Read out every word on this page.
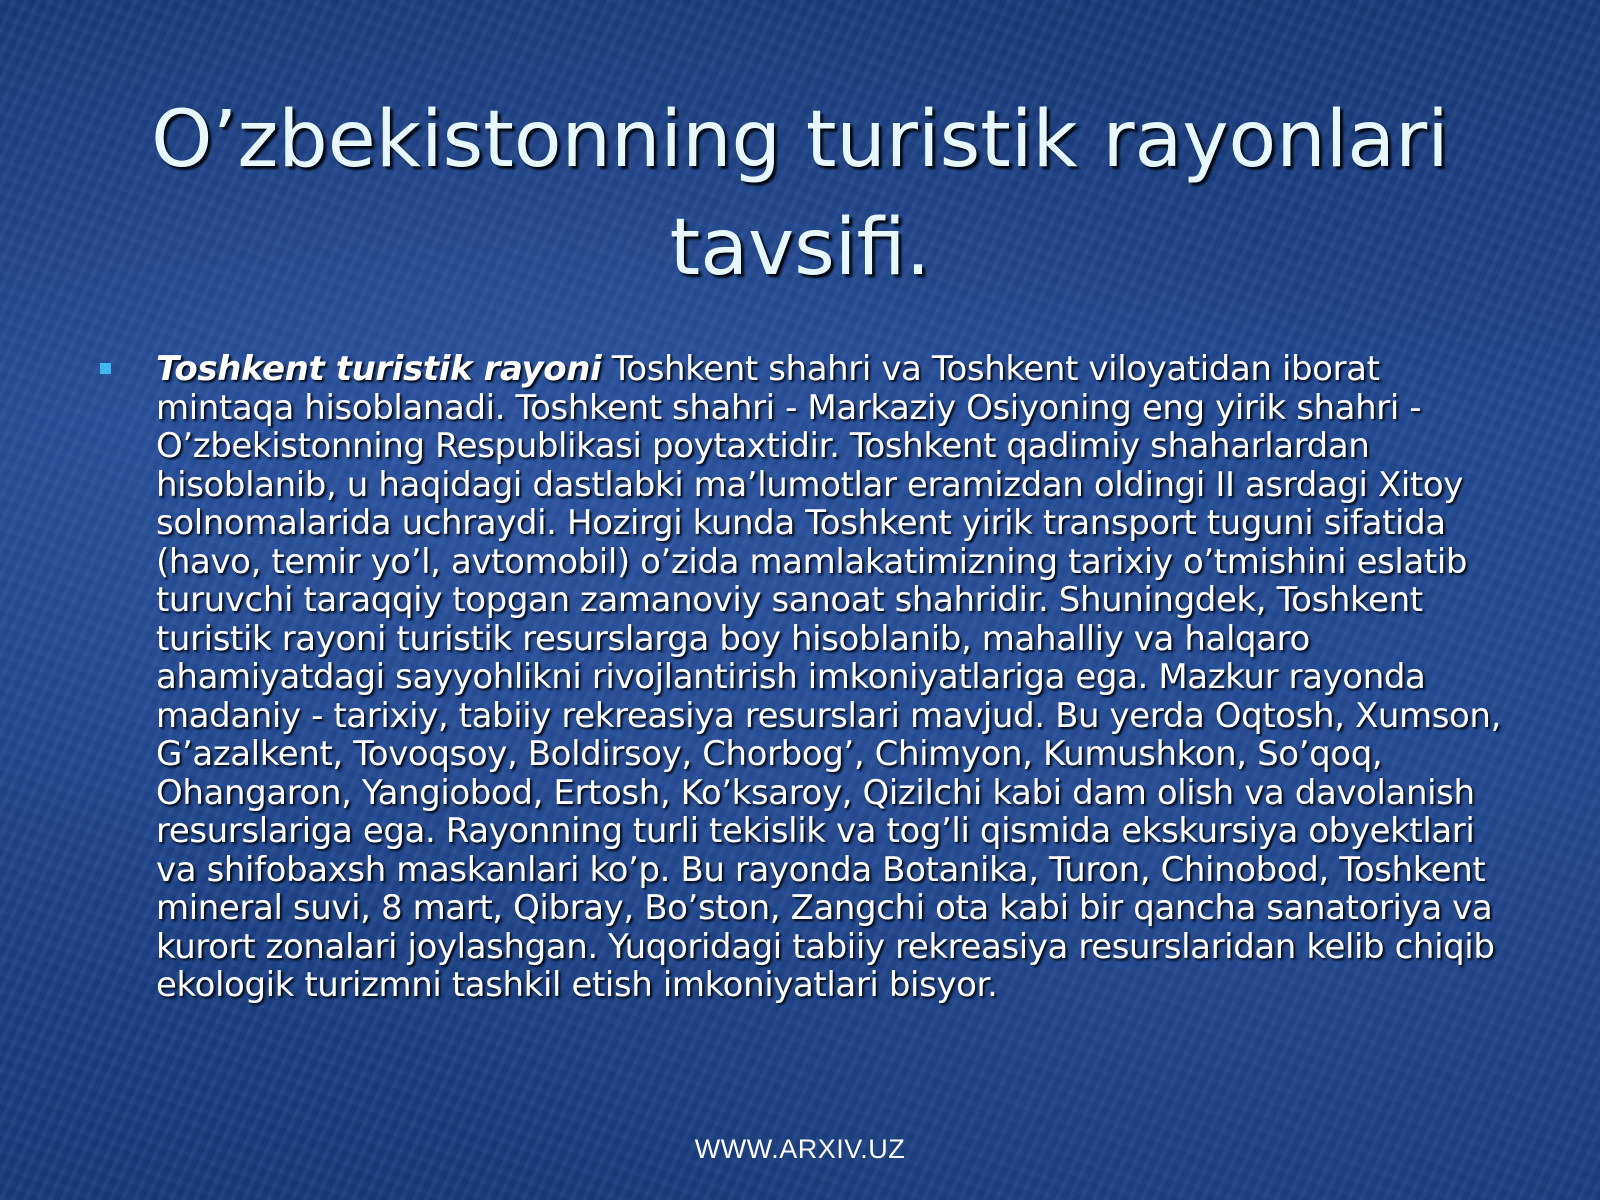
O’zbekistonning turistik rayonlari tavsifi.

Toshkent turistik rayoni Toshkent shahri va Toshkent viloyatidan iborat mintaqa hisoblanadi. Toshkent shahri - Markaziy Osiyoning eng yirik shahri - O’zbekistonning Respublikasi poytaxtidir. Toshkent qadimiy shaharlardan hisoblanib, u haqidagi dastlabki ma’lumotlar eramizdan oldingi II asrdagi Xitoy solnomalarida uchraydi. Hozirgi kunda Toshkent yirik transport tuguni sifatida (havo, temir yo’l, avtomobil) o’zida mamlakatimizning tarixiy o’tmishini eslatib turuvchi taraqqiy topgan zamanoviy sanoat shahridir. Shuningdek, Toshkent turistik rayoni turistik resurslarga boy hisoblanib, mahalliy va halqaro ahamiyatdagi sayyohlikni rivojlantirish imkoniyatlariga ega. Mazkur rayonda madaniy - tarixiy, tabiiy rekreasiya resurslari mavjud. Bu yerda Oqtosh, Xumson, G’azalkent, Tovoqsoy, Boldirsoy, Chorbog’, Chimyon, Kumushkon, So’qoq, Ohangaron, Yangiobod, Ertosh, Ko’ksaroy, Qizilchi kabi dam olish va davolanish resurslariga ega. Rayonning turli tekislik va tog’li qismida ekskursiya obyektlari va shifobaxsh maskanlari ko’p. Bu rayonda Botanika, Turon, Chinobod, Toshkent mineral suvi, 8 mart, Qibray, Bo’ston, Zangchi ota kabi bir qancha sanatoriya va kurort zonalari joylashgan. Yuqoridagi tabiiy rekreasiya resurslaridan kelib chiqib ekologik turizmni tashkil etish imkoniyatlari bisyor.

WWW.ARXIV.UZ
